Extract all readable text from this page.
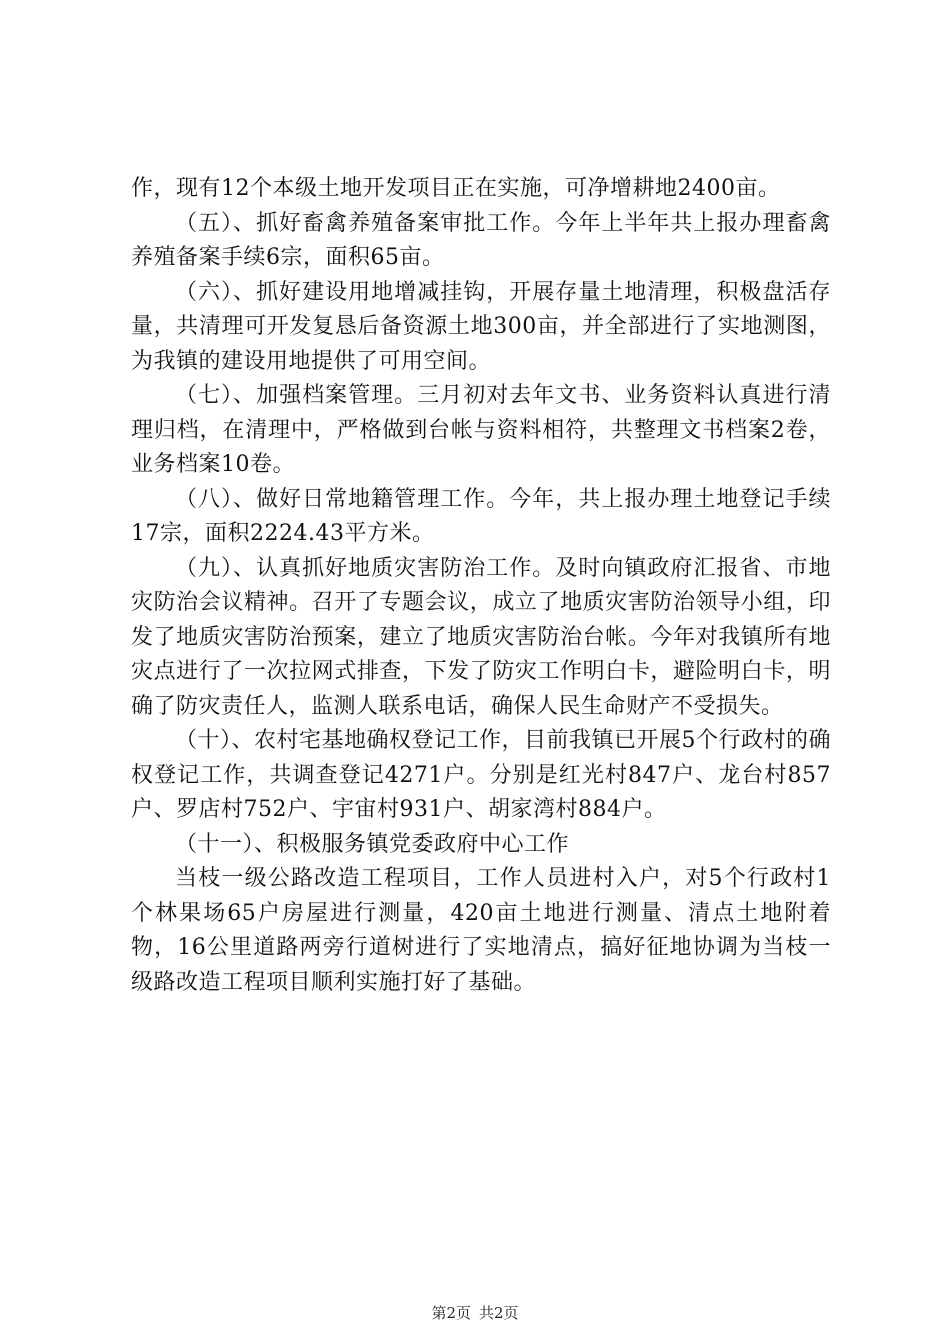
作，现有12个本级土地开发项目正在实施，可净增耕地2400亩。

（五）、抓好畜禽养殖备案审批工作。今年上半年共上报办理畜禽养殖备案手续6宗，面积65亩。

（六）、抓好建设用地增减挂钩，开展存量土地清理，积极盘活存量，共清理可开发复恳后备资源土地300亩，并全部进行了实地测图，为我镇的建设用地提供了可用空间。

（七）、加强档案管理。三月初对去年文书、业务资料认真进行清理归档，在清理中，严格做到台帐与资料相符，共整理文书档案2卷，业务档案10卷。

（八）、做好日常地籍管理工作。今年，共上报办理土地登记手续17宗，面积2224.43平方米。

（九）、认真抓好地质灾害防治工作。及时向镇政府汇报省、市地灾防治会议精神。召开了专题会议，成立了地质灾害防治领导小组，印发了地质灾害防治预案，建立了地质灾害防治台帐。今年对我镇所有地灾点进行了一次拉网式排查，下发了防灾工作明白卡，避险明白卡，明确了防灾责任人，监测人联系电话，确保人民生命财产不受损失。

（十）、农村宅基地确权登记工作，目前我镇已开展5个行政村的确权登记工作，共调查登记4271户。分别是红光村847户、龙台村857户、罗店村752户、宇宙村931户、胡家湾村884户。

（十一）、积极服务镇党委政府中心工作

当枝一级公路改造工程项目，工作人员进村入户，对5个行政村1个林果场65户房屋进行测量，420亩土地进行测量、清点土地附着物，16公里道路两旁行道树进行了实地清点，搞好征地协调为当枝一级路改造工程项目顺利实施打好了基础。

第2页 共2页
